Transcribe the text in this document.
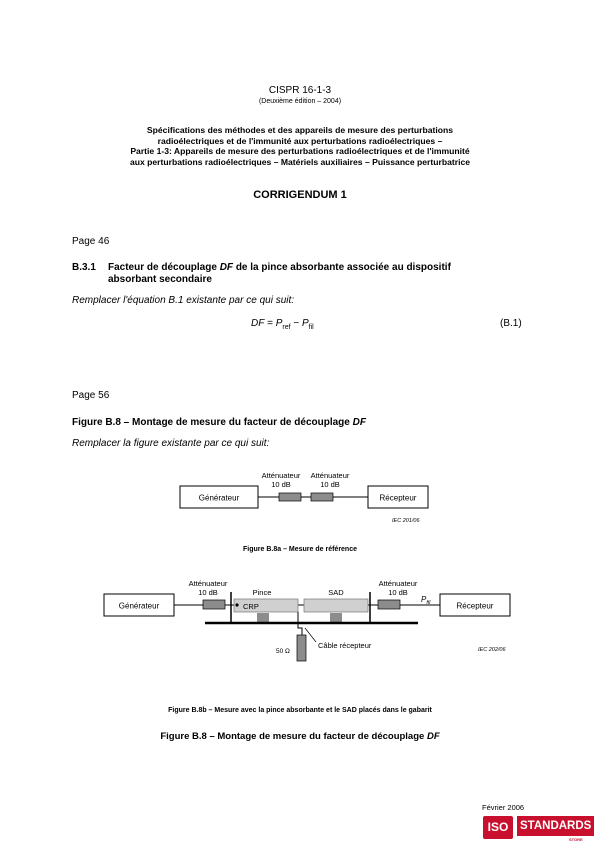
CISPR 16-1-3
(Deuxième édition – 2004)
Spécifications des méthodes et des appareils de mesure des perturbations
radioélectriques et de l'immunité aux perturbations radioélectriques –
Partie 1-3: Appareils de mesure des perturbations radioélectriques et de l'immunité
aux perturbations radioélectriques – Matériels auxiliaires – Puissance perturbatrice
CORRIGENDUM 1
Page 46
B.3.1 Facteur de découplage DF de la pince absorbante associée au dispositif
absorbant secondaire
Remplacer l'équation B.1 existante par ce qui suit:
DF = $P_{ref} - P_{fil}$	(B.1)
Page 56
Figure B.8 – Montage de mesure du facteur de découplage DF
Remplacer la figure existante par ce qui suit:
Générateur
Atténuateur
10 dB
Atténuateur
10 dB
Récepteur
IEC 201/06
Figure B.8a – Mesure de référence
Générateur
Atténuateur
10 dB
CRP
Pince	SAD
50 Ω
Câble récepteur
Atténuateur
10 dB
$P_{fil}$	Récepteur
IEC 202/06
Figure B.8b – Mesure avec la pince absorbante et le SAD placés dans le gabarit
Figure B.8 – Montage de mesure du facteur de découplage DF
Février 2006
ISO	STANDARDS
STORE
